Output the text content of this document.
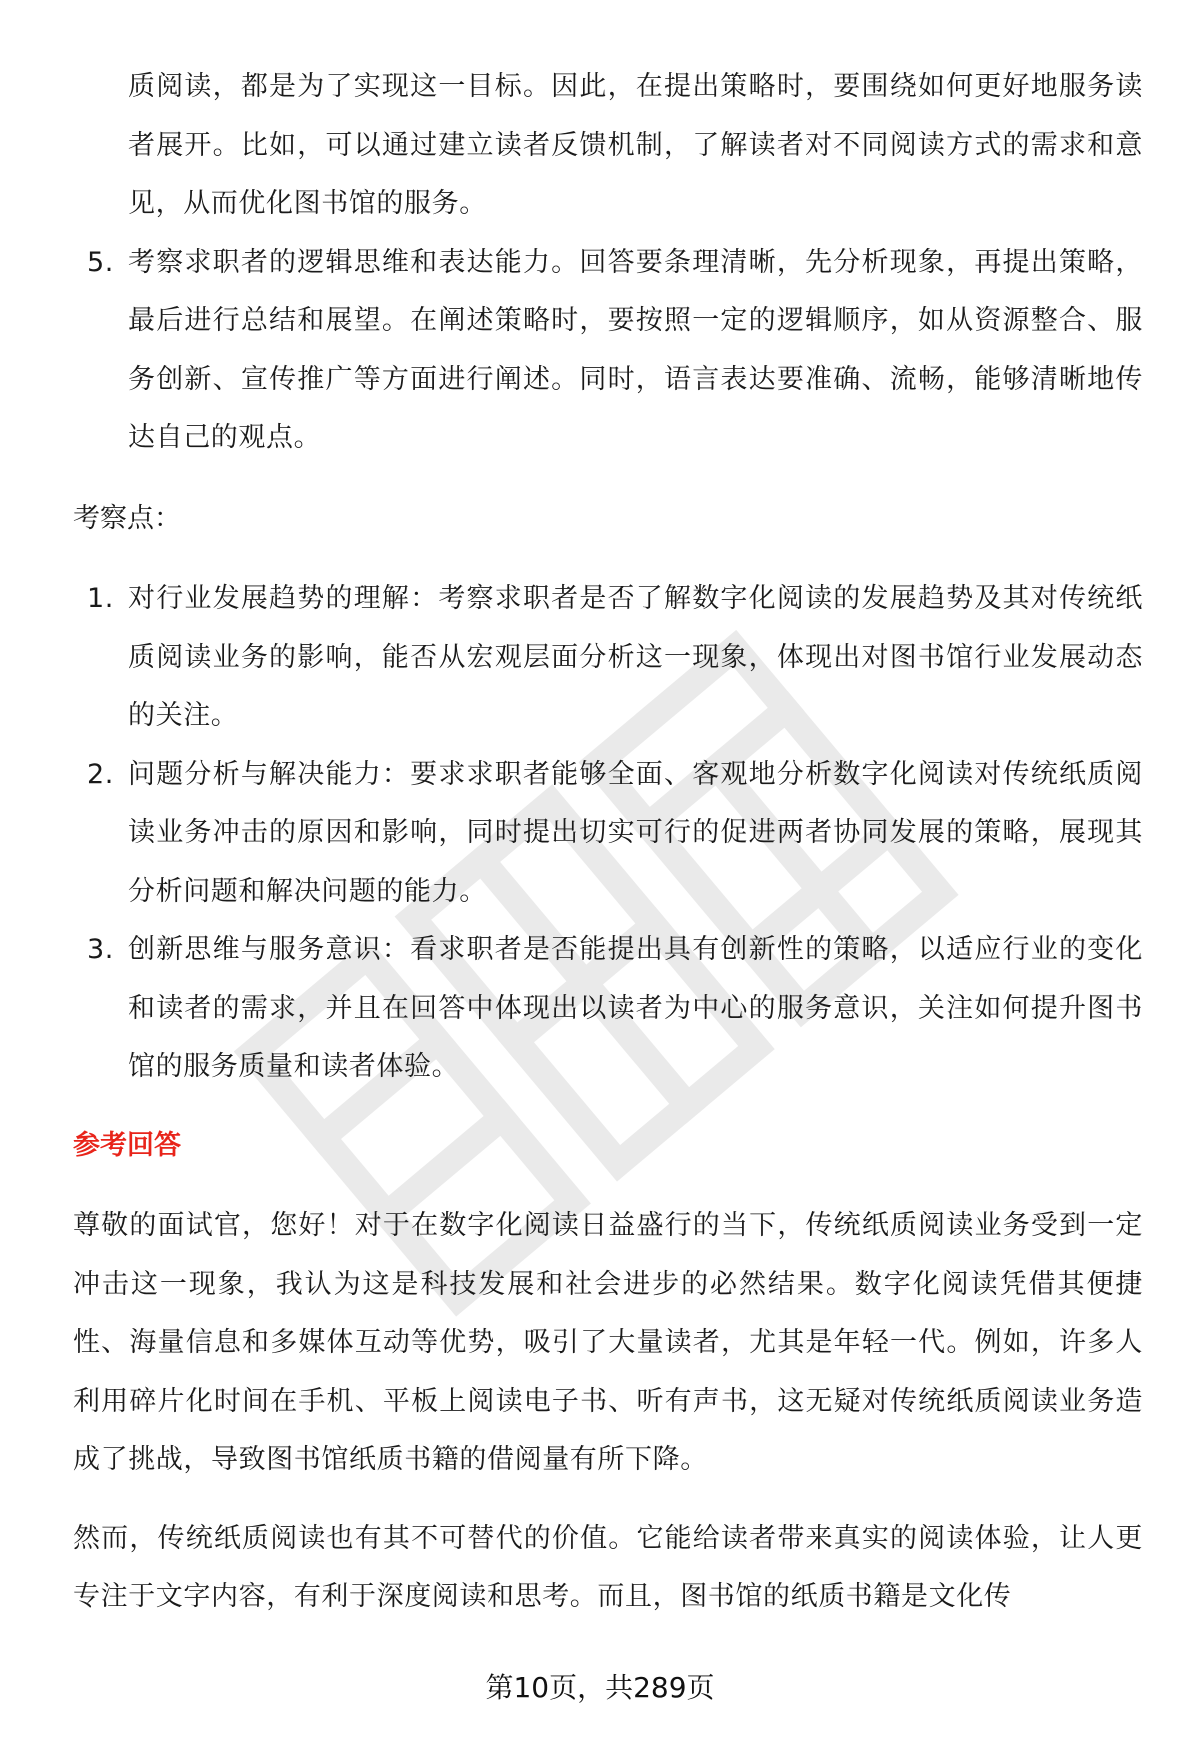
质阅读，都是为了实现这一目标。因此，在提出策略时，要围绕如何更好地服务读者展开。比如，可以通过建立读者反馈机制，了解读者对不同阅读方式的需求和意见，从而优化图书馆的服务。
5. 考察求职者的逻辑思维和表达能力。回答要条理清晰，先分析现象，再提出策略，最后进行总结和展望。在阐述策略时，要按照一定的逻辑顺序，如从资源整合、服务创新、宣传推广等方面进行阐述。同时，语言表达要准确、流畅，能够清晰地传达自己的观点。
考察点：
1. 对行业发展趋势的理解：考察求职者是否了解数字化阅读的发展趋势及其对传统纸质阅读业务的影响，能否从宏观层面分析这一现象，体现出对图书馆行业发展动态的关注。
2. 问题分析与解决能力：要求求职者能够全面、客观地分析数字化阅读对传统纸质阅读业务冲击的原因和影响，同时提出切实可行的促进两者协同发展的策略，展现其分析问题和解决问题的能力。
3. 创新思维与服务意识：看求职者是否能提出具有创新性的策略，以适应行业的变化和读者的需求，并且在回答中体现出以读者为中心的服务意识，关注如何提升图书馆的服务质量和读者体验。
参考回答

尊敬的面试官，您好！对于在数字化阅读日益盛行的当下，传统纸质阅读业务受到一定冲击这一现象，我认为这是科技发展和社会进步的必然结果。数字化阅读凭借其便捷性、海量信息和多媒体互动等优势，吸引了大量读者，尤其是年轻一代。例如，许多人利用碎片化时间在手机、平板上阅读电子书、听有声书，这无疑对传统纸质阅读业务造成了挑战，导致图书馆纸质书籍的借阅量有所下降。

然而，传统纸质阅读也有其不可替代的价值。它能给读者带来真实的阅读体验，让人更专注于文字内容，有利于深度阅读和思考。而且，图书馆的纸质书籍是文化传

第10页，共289页
